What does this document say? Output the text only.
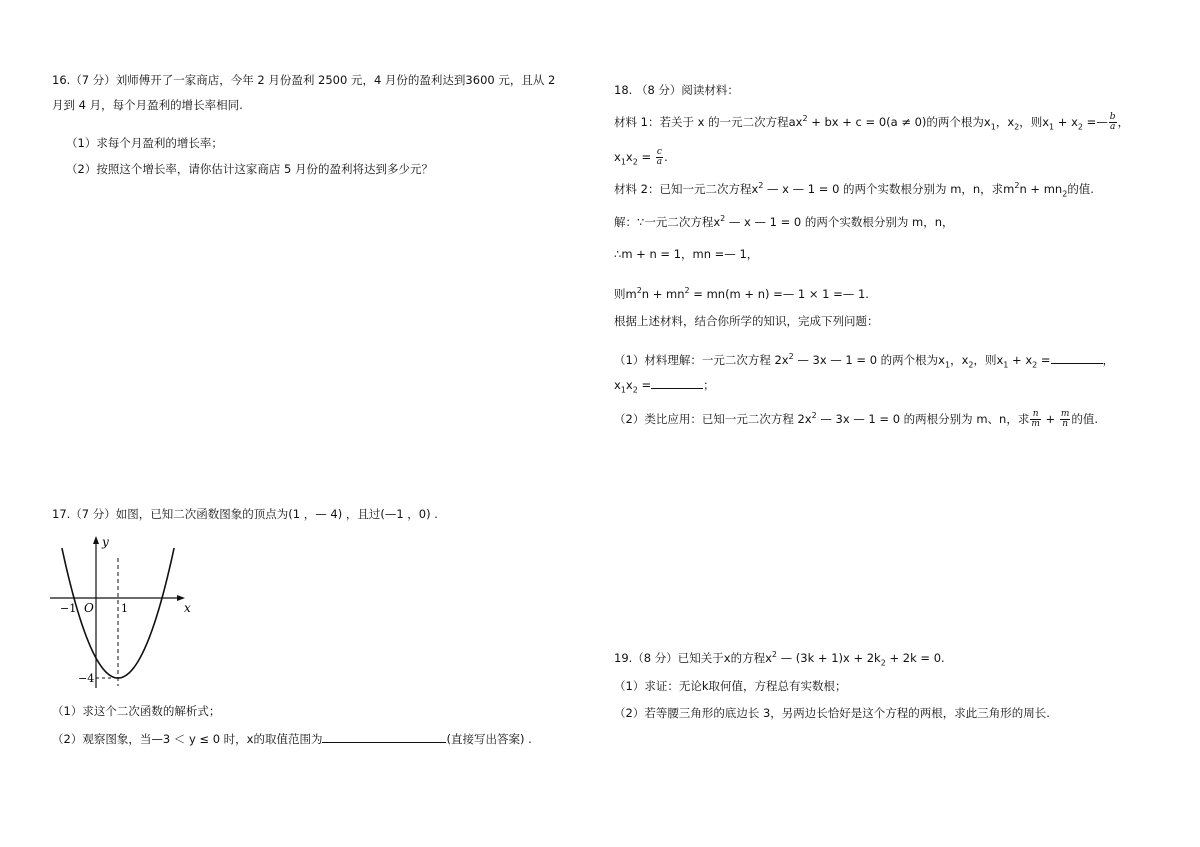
16.（7 分）刘师傅开了一家商店，今年 2 月份盈利 2500 元，4 月份的盈利达到3600 元，且从 2
月到 4 月，每个月盈利的增长率相同.
（1）求每个月盈利的增长率；
（2）按照这个增长率，请你估计这家商店 5 月份的盈利将达到多少元？
17.（7 分）如图，已知二次函数图象的顶点为(1 ，— 4) ，且过(—1 ，0) .
x
y
O
−1	1
−4
（1）求这个二次函数的解析式；
（2）观察图象，当—3 ＜ y ≤ 0 时，x的取值范围为	(直接写出答案) .
18. （8 分）阅读材料：
材料 1：若关于 x 的一元二次方程$ax^2$ + bx + c = 0(a ≠ 0)的两个根为$x_1$，$x_2$，则$x_1 + x_2$ =— $\frac{b}{a}$ ，
$x_1x_2 = \frac{c}{a}$ .
材料 2：已知一元二次方程$x^2$ — x — 1 = 0 的两个实数根分别为 m，n，求$m^2n + mn_2$的值.
解：∵一元二次方程$x^2$ — x — 1 = 0 的两个实数根分别为 m，n，
∴m + n = 1，mn =— 1，
则$m^2n + mn^2 = mn(m + n)$ =— 1 × 1 =— 1.
根据上述材料，结合你所学的知识，完成下列问题：
（1）材料理解：一元二次方程 $2x^2$ — 3x — 1 = 0 的两个根为$x_1$，$x_2$，则$x_1 + x_2$ =	，
$x_1x_2$ =	；
（2）类比应用：已知一元二次方程 $2x^2$ — 3x — 1 = 0 的两根分别为 m、n，求 $\frac{n}{m} + \frac{m}{n}$ 的值.
19.（8 分）已知关于x的方程$x^2$ — $(3k + 1)x + 2k_2 + 2k = 0$.
（1）求证：无论k取何值，方程总有实数根；
（2）若等腰三角形的底边长 3，另两边长恰好是这个方程的两根，求此三角形的周长.
